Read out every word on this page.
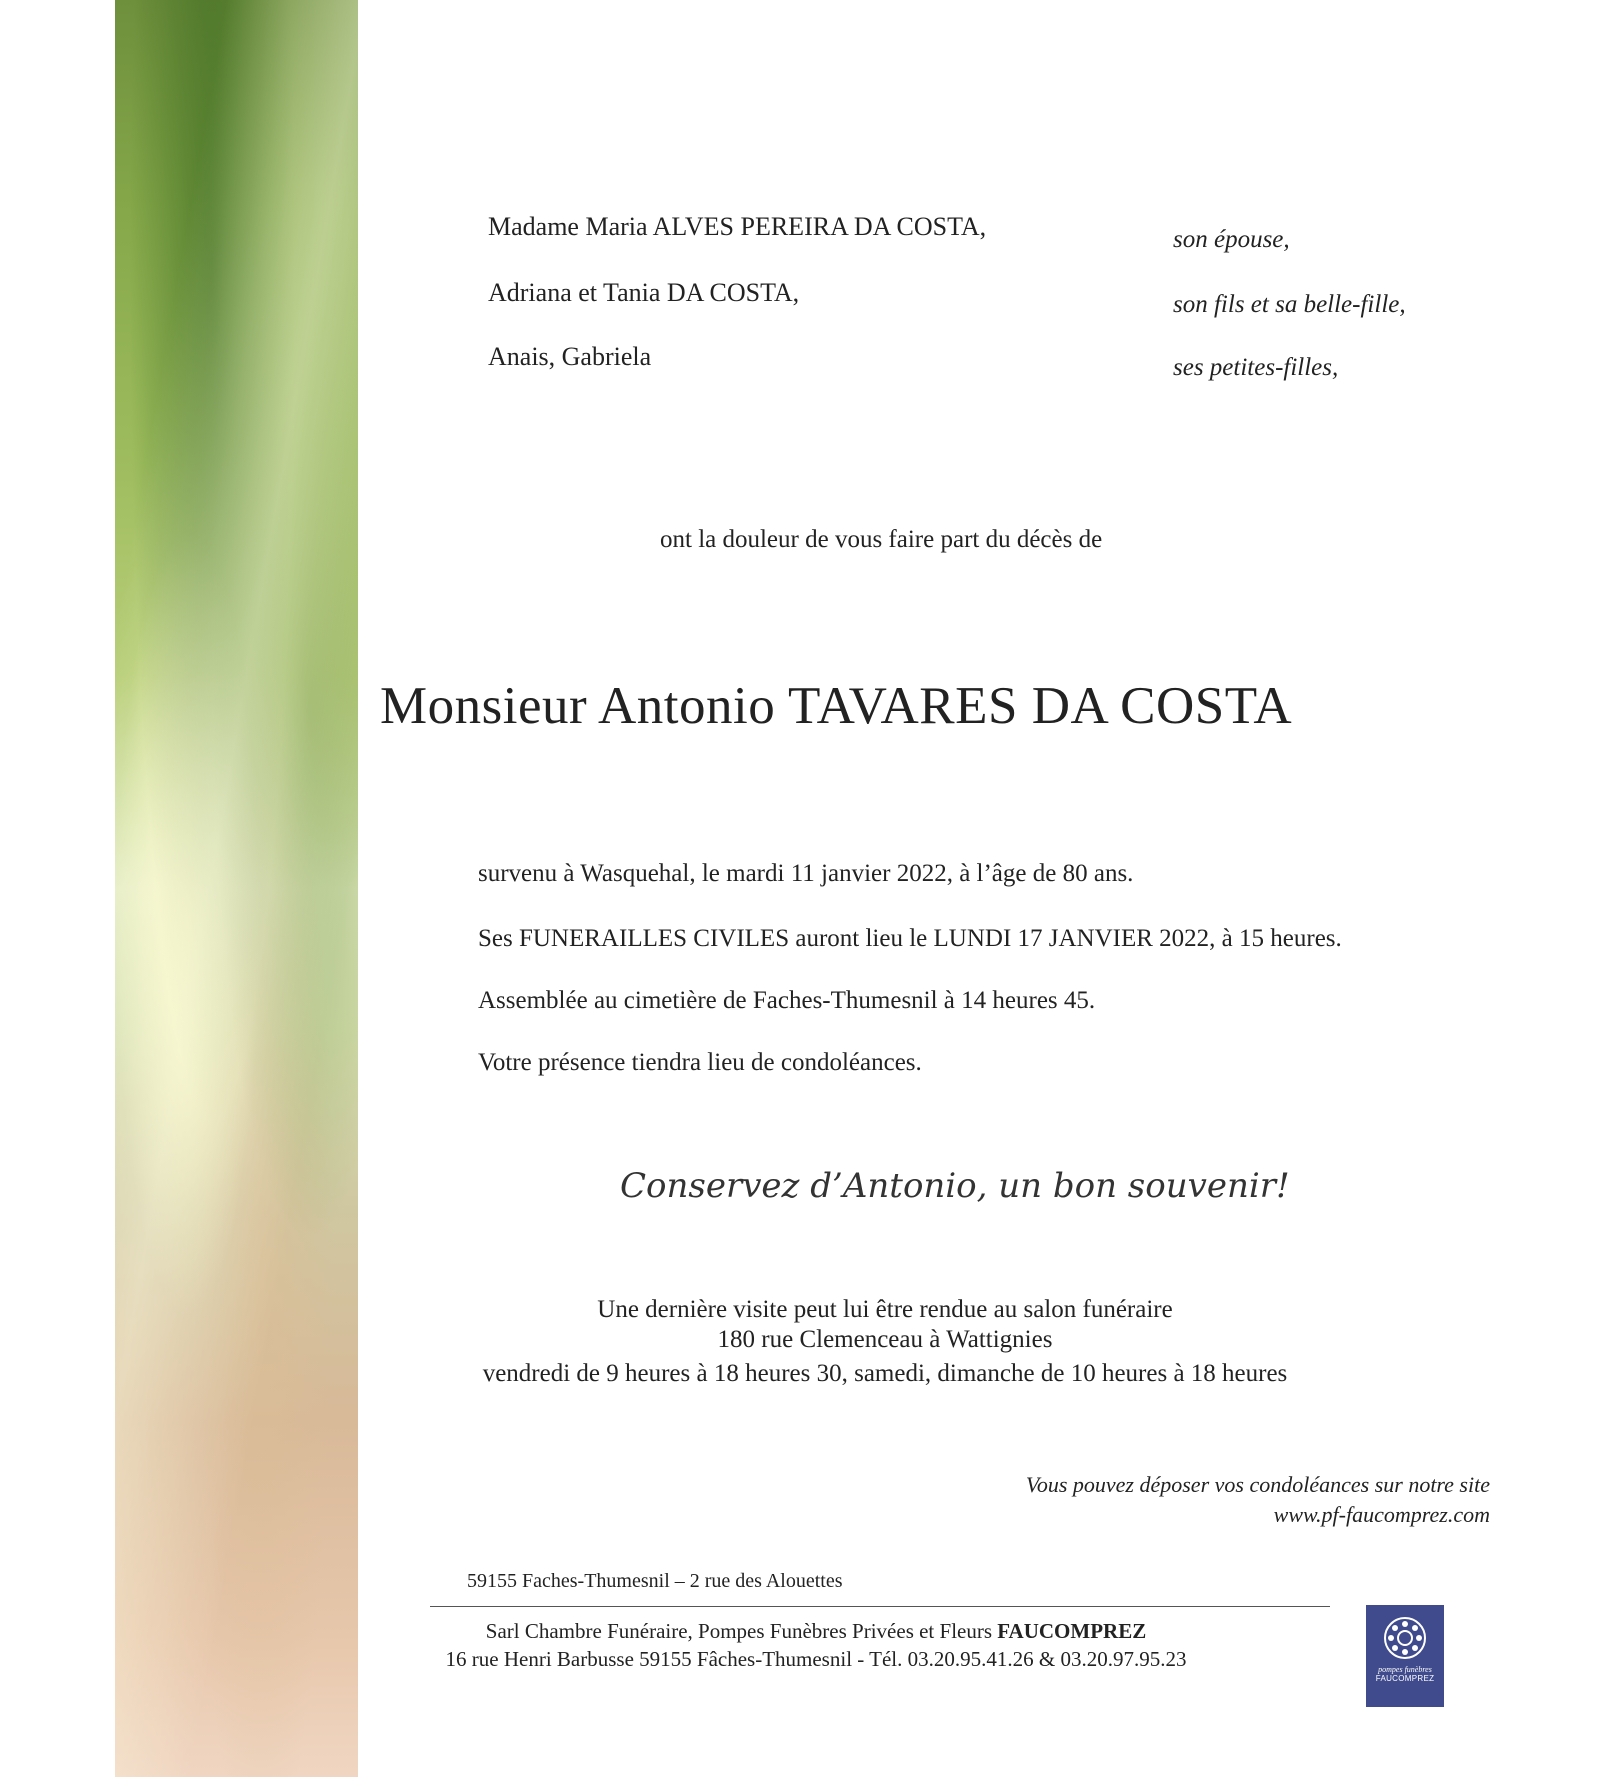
Madame Maria ALVES PEREIRA DA COSTA,	son épouse,
Adriana et Tania DA COSTA,	son fils et sa belle-fille,
Anais, Gabriela	ses petites-filles,
ont la douleur de vous faire part du décès de
Monsieur Antonio TAVARES DA COSTA
survenu à Wasquehal, le mardi 11 janvier 2022, à l’âge de 80 ans.
Ses FUNERAILLES CIVILES auront lieu le LUNDI 17 JANVIER 2022, à 15 heures.
Assemblée au cimetière de Faches-Thumesnil à 14 heures 45.
Votre présence tiendra lieu de condoléances.
Conservez d’Antonio, un bon souvenir!
Une dernière visite peut lui être rendue au salon funéraire
180 rue Clemenceau à Wattignies
vendredi de 9 heures à 18 heures 30, samedi, dimanche de 10 heures à 18 heures
Vous pouvez déposer vos condoléances sur notre site
www.pf-faucomprez.com
59155 Faches-Thumesnil – 2 rue des Alouettes
Sarl Chambre Funéraire, Pompes Funèbres Privées et Fleurs FAUCOMPREZ
16 rue Henri Barbusse 59155 Fâches-Thumesnil - Tél. 03.20.95.41.26 & 03.20.97.95.23	pompes funèbres
FAUCOMPREZ
